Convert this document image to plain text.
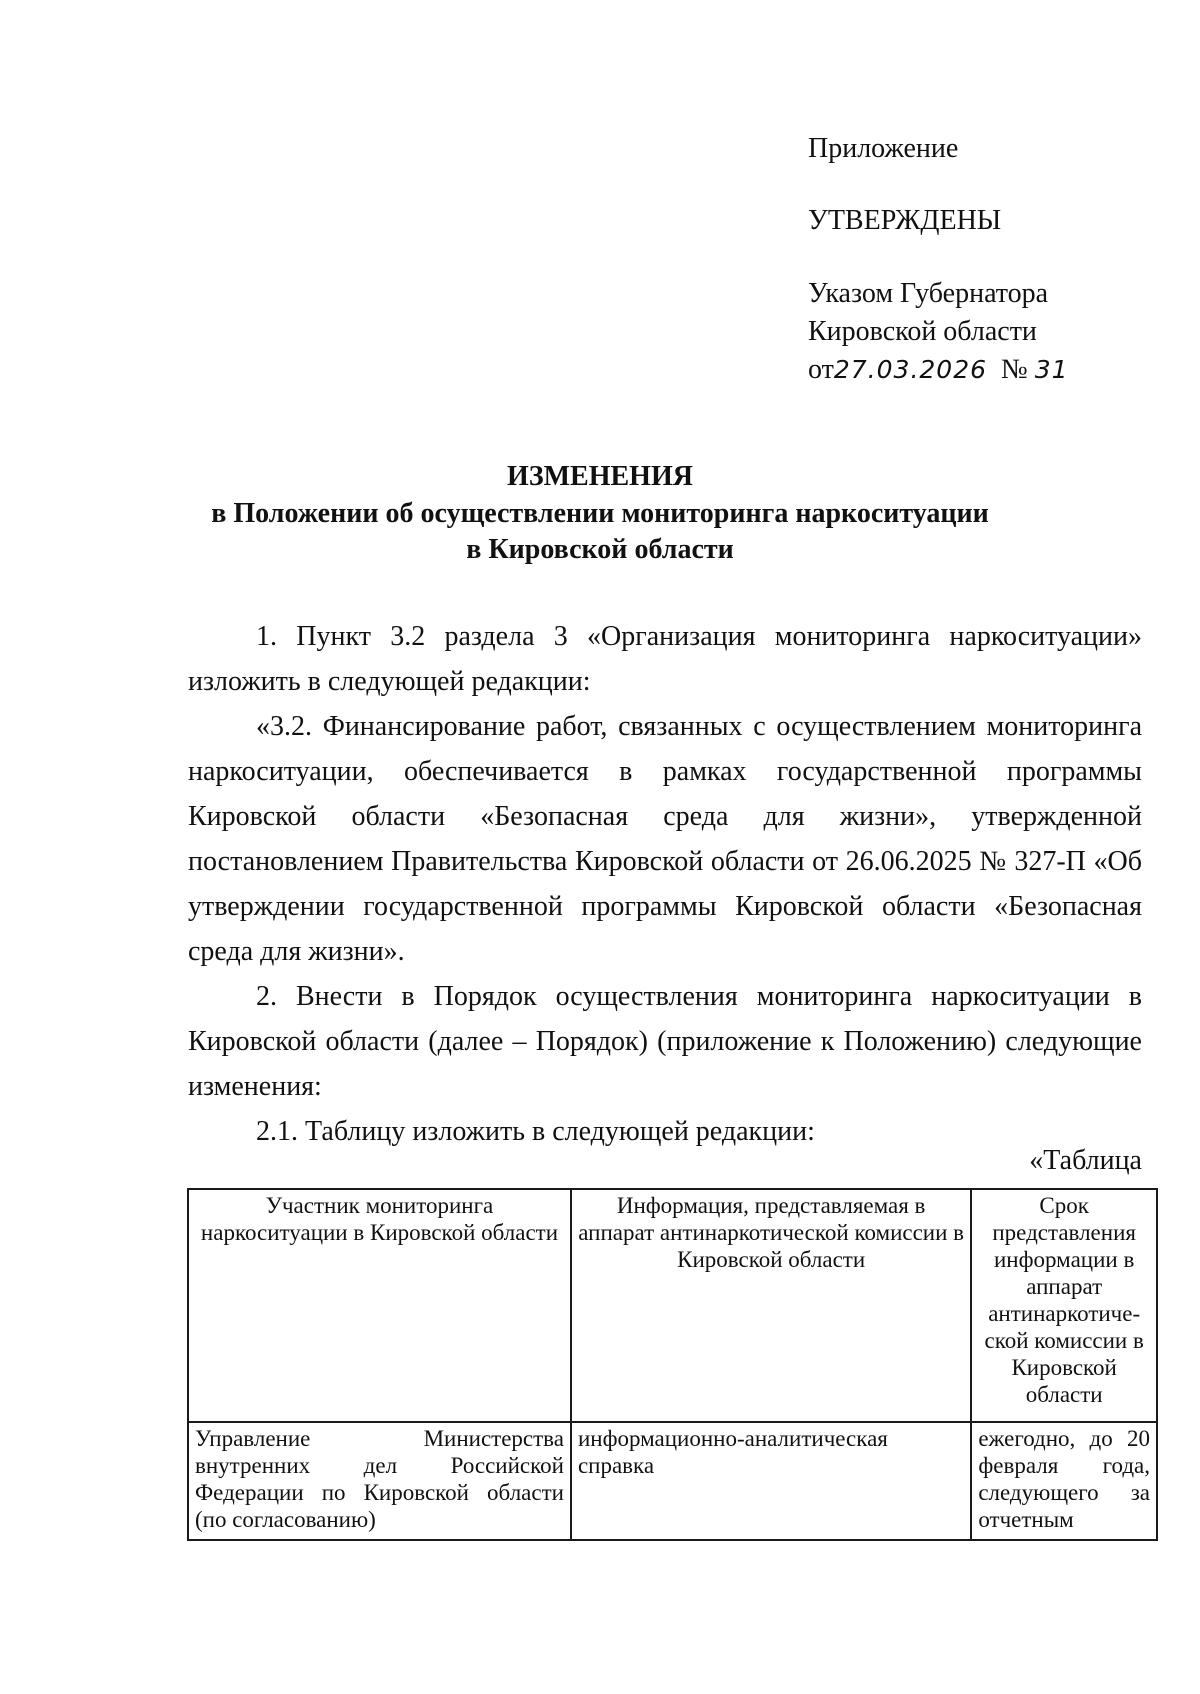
Приложение
УТВЕРЖДЕНЫ
Указом Губернатора
Кировской области
от27.03.2026 № 31
ИЗМЕНЕНИЯ
в Положении об осуществлении мониторинга наркоситуации
в Кировской области
1. Пункт 3.2 раздела 3 «Организация мониторинга наркоситуации» изложить в следующей редакции:
«3.2. Финансирование работ, связанных с осуществлением мониторинга наркоситуации, обеспечивается в рамках государственной программы Кировской области «Безопасная среда для жизни», утвержденной постановлением Правительства Кировской области от 26.06.2025 № 327-П «Об утверждении государственной программы Кировской области «Безопасная среда для жизни».
2. Внести в Порядок осуществления мониторинга наркоситуации в Кировской области (далее – Порядок) (приложение к Положению) следующие изменения:
2.1. Таблицу изложить в следующей редакции:
«Таблица
Участник мониторинга наркоситуации в Кировской области	Информация, представляемая в аппарат антинаркотической комиссии в Кировской области	Срок представления информации в аппарат антинаркотиче-ской комиссии в Кировской области
Управление Министерства внутренних дел Российской Федерации по Кировской области (по согласованию)	информационно-аналитическая справка	ежегодно, до 20 февраля года, следующего за отчетным
